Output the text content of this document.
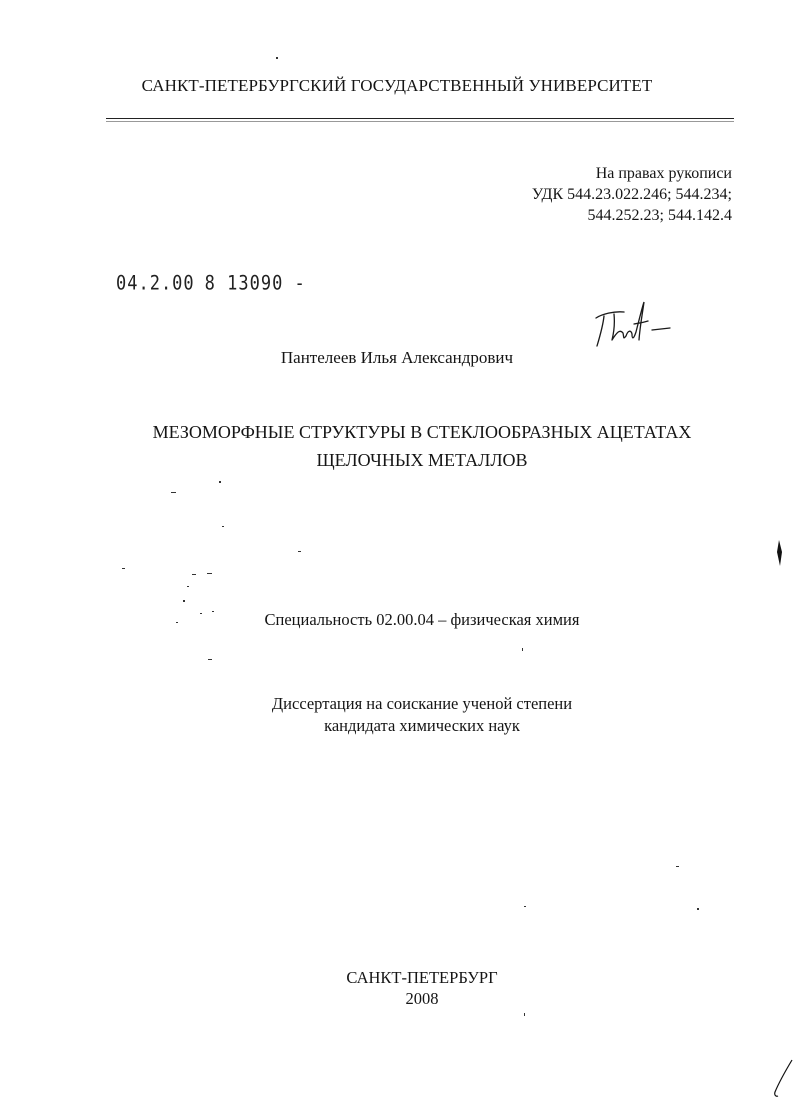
САНКТ-ПЕТЕРБУРГСКИЙ ГОСУДАРСТВЕННЫЙ УНИВЕРСИТЕТ
На правах рукописи
УДК 544.23.022.246; 544.234;
544.252.23; 544.142.4
04.2.00 8 13090 -
Пантелеев Илья Александрович
МЕЗОМОРФНЫЕ СТРУКТУРЫ В СТЕКЛООБРАЗНЫХ АЦЕТАТАХ
ЩЕЛОЧНЫХ МЕТАЛЛОВ
Специальность 02.00.04 – физическая химия
Диссертация на соискание ученой степени
кандидата химических наук
САНКТ-ПЕТЕРБУРГ
2008
